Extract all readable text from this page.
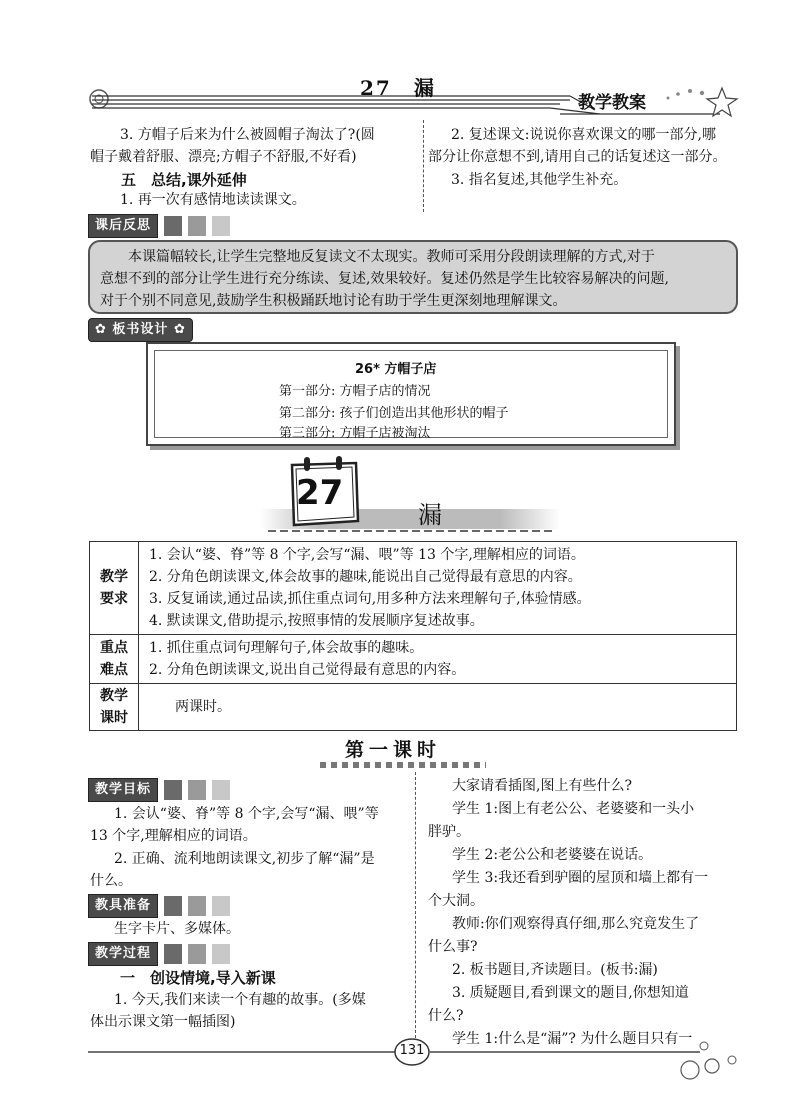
27　漏
教学教案
3. 方帽子后来为什么被圆帽子淘汰了?(圆
帽子戴着舒服、漂亮;方帽子不舒服,不好看)
五　总结,课外延伸
1. 再一次有感情地读读课文。
2. 复述课文:说说你喜欢课文的哪一部分,哪
部分让你意想不到,请用自己的话复述这一部分。
3. 指名复述,其他学生补充。
课后反思
本课篇幅较长,让学生完整地反复读文不太现实。教师可采用分段朗读理解的方式,对于
意想不到的部分让学生进行充分练读、复述,效果较好。复述仍然是学生比较容易解决的问题,
对于个别不同意见,鼓励学生积极踊跃地讨论有助于学生更深刻地理解课文。
✿ 板书设计 ✿
26* 方帽子店
第一部分: 方帽子店的情况
第二部分: 孩子们创造出其他形状的帽子
第三部分: 方帽子店被淘汰
27
漏
教学要求	1. 会认“婆、脊”等 8 个字,会写“漏、喂”等 13 个字,理解相应的词语。
2. 分角色朗读课文,体会故事的趣味,能说出自己觉得最有意思的内容。
3. 反复诵读,通过品读,抓住重点词句,用多种方法来理解句子,体验情感。
4. 默读课文,借助提示,按照事情的发展顺序复述故事。

重点难点	1. 抓住重点词句理解句子,体会故事的趣味。
2. 分角色朗读课文,说出自己觉得最有意思的内容。

教学课时	两课时。
第一课时
教学目标
1. 会认“婆、脊”等 8 个字,会写“漏、喂”等
13 个字,理解相应的词语。
2. 正确、流利地朗读课文,初步了解“漏”是
什么。
教具准备
生字卡片、多媒体。
教学过程
一　创设情境,导入新课
1. 今天,我们来读一个有趣的故事。(多媒
体出示课文第一幅插图)
大家请看插图,图上有些什么?
学生 1:图上有老公公、老婆婆和一头小
胖驴。
学生 2:老公公和老婆婆在说话。
学生 3:我还看到驴圈的屋顶和墙上都有一
个大洞。
教师:你们观察得真仔细,那么究竟发生了
什么事?
2. 板书题目,齐读题目。(板书:漏)
3. 质疑题目,看到课文的题目,你想知道
什么?
学生 1:什么是“漏”? 为什么题目只有一
131
